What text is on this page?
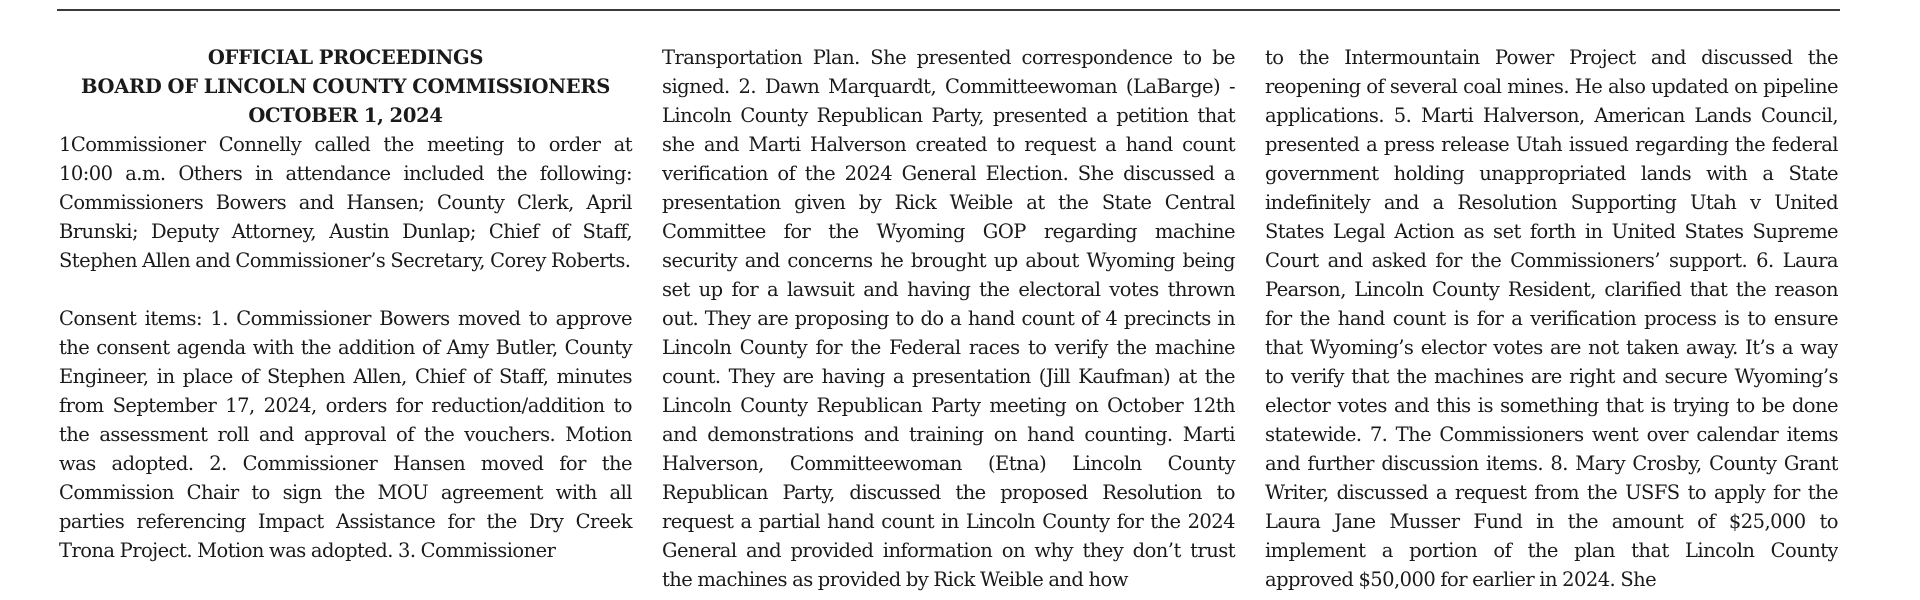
OFFICIAL PROCEEDINGS
BOARD OF LINCOLN COUNTY COMMISSIONERS
OCTOBER 1, 2024

1Commissioner Connelly called the meeting to order at 10:00 a.m. Others in attendance included the following: Commissioners Bowers and Hansen; County Clerk, April Brunski; Deputy Attorney, Austin Dunlap; Chief of Staff, Stephen Allen and Commissioner’s Secretary, Corey Roberts.

Consent items: 1. Commissioner Bowers moved to approve the consent agenda with the addition of Amy Butler, County Engineer, in place of Stephen Allen, Chief of Staff, minutes from September 17, 2024, orders for reduction/addition to the assessment roll and approval of the vouchers. Motion was adopted. 2. Commissioner Hansen moved for the Commission Chair to sign the MOU agreement with all parties referencing Impact Assistance for the Dry Creek Trona Project. Motion was adopted. 3. Commissioner

Transportation Plan. She presented correspondence to be signed. 2. Dawn Marquardt, Committeewoman (LaBarge) -Lincoln County Republican Party, presented a petition that she and Marti Halverson created to request a hand count verification of the 2024 General Election. She discussed a presentation given by Rick Weible at the State Central Committee for the Wyoming GOP regarding machine security and concerns he brought up about Wyoming being set up for a lawsuit and having the electoral votes thrown out. They are proposing to do a hand count of 4 precincts in Lincoln County for the Federal races to verify the machine count. They are having a presentation (Jill Kaufman) at the Lincoln County Republican Party meeting on October 12th and demonstrations and training on hand counting. Marti Halverson, Committeewoman (Etna) Lincoln County Republican Party, discussed the proposed Resolution to request a partial hand count in Lincoln County for the 2024 General and provided information on why they don’t trust the machines as provided by Rick Weible and how

to the Intermountain Power Project and discussed the reopening of several coal mines. He also updated on pipeline applications. 5. Marti Halverson, American Lands Council, presented a press release Utah issued regarding the federal government holding unappropriated lands with a State indefinitely and a Resolution Supporting Utah v United States Legal Action as set forth in United States Supreme Court and asked for the Commissioners’ support. 6. Laura Pearson, Lincoln County Resident, clarified that the reason for the hand count is for a verification process is to ensure that Wyoming’s elector votes are not taken away. It’s a way to verify that the machines are right and secure Wyoming’s elector votes and this is something that is trying to be done statewide. 7. The Commissioners went over calendar items and further discussion items. 8. Mary Crosby, County Grant Writer, discussed a request from the USFS to apply for the Laura Jane Musser Fund in the amount of $25,000 to implement a portion of the plan that Lincoln County approved $50,000 for earlier in 2024. She
